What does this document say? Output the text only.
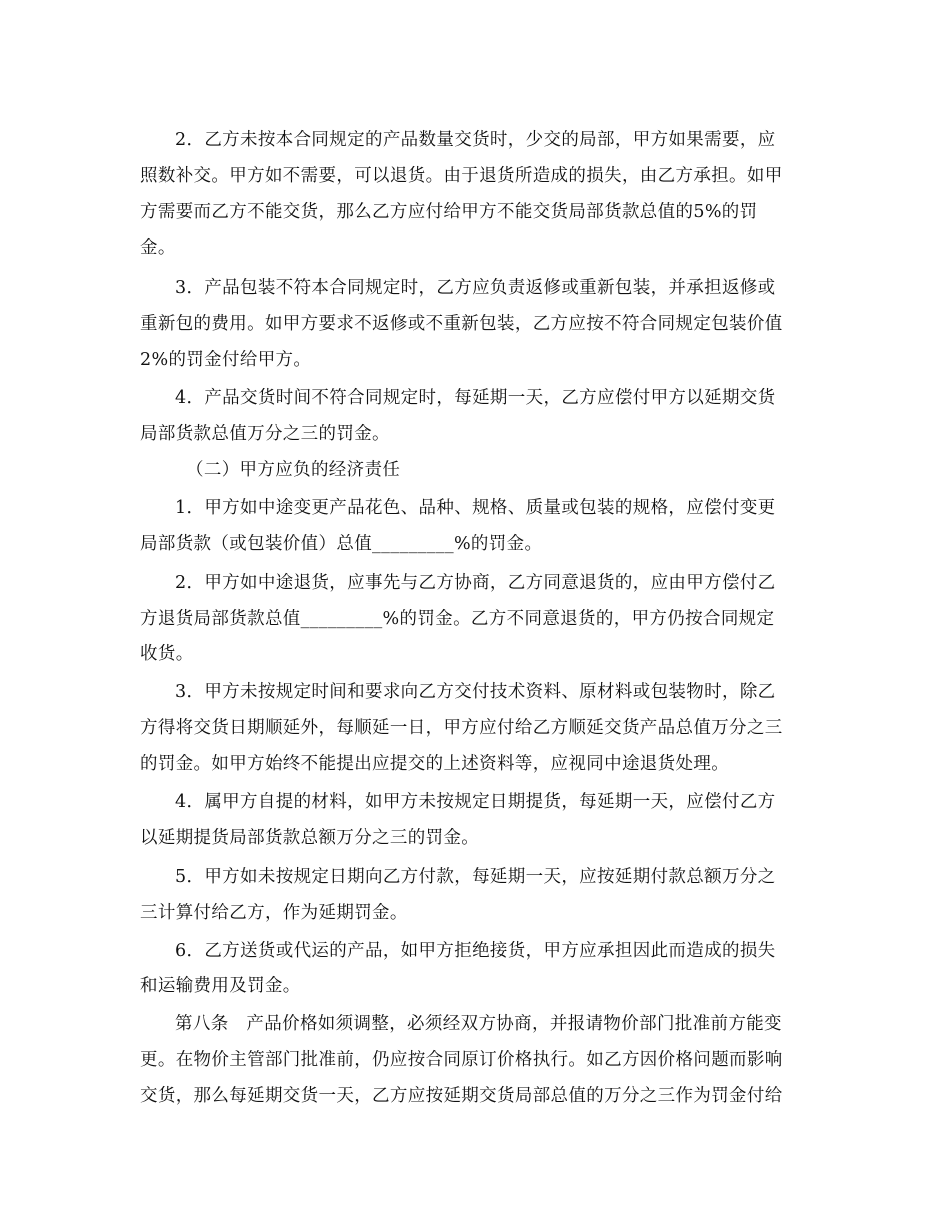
2．乙方未按本合同规定的产品数量交货时，少交的局部，甲方如果需要，应
照数补交。甲方如不需要，可以退货。由于退货所造成的损失，由乙方承担。如甲
方需要而乙方不能交货，那么乙方应付给甲方不能交货局部货款总值的5%的罚
金。
3．产品包装不符本合同规定时，乙方应负责返修或重新包装，并承担返修或
重新包的费用。如甲方要求不返修或不重新包装，乙方应按不符合同规定包装价值
2%的罚金付给甲方。
4．产品交货时间不符合同规定时，每延期一天，乙方应偿付甲方以延期交货
局部货款总值万分之三的罚金。
（二）甲方应负的经济责任
1．甲方如中途变更产品花色、品种、规格、质量或包装的规格，应偿付变更
局部货款（或包装价值）总值_________%的罚金。
2．甲方如中途退货，应事先与乙方协商，乙方同意退货的，应由甲方偿付乙
方退货局部货款总值_________%的罚金。乙方不同意退货的，甲方仍按合同规定
收货。
3．甲方未按规定时间和要求向乙方交付技术资料、原材料或包装物时，除乙
方得将交货日期顺延外，每顺延一日，甲方应付给乙方顺延交货产品总值万分之三
的罚金。如甲方始终不能提出应提交的上述资料等，应视同中途退货处理。
4．属甲方自提的材料，如甲方未按规定日期提货，每延期一天，应偿付乙方
以延期提货局部货款总额万分之三的罚金。
5．甲方如未按规定日期向乙方付款，每延期一天，应按延期付款总额万分之
三计算付给乙方，作为延期罚金。
6．乙方送货或代运的产品，如甲方拒绝接货，甲方应承担因此而造成的损失
和运输费用及罚金。
第八条　产品价格如须调整，必须经双方协商，并报请物价部门批准前方能变
更。在物价主管部门批准前，仍应按合同原订价格执行。如乙方因价格问题而影响
交货，那么每延期交货一天，乙方应按延期交货局部总值的万分之三作为罚金付给
